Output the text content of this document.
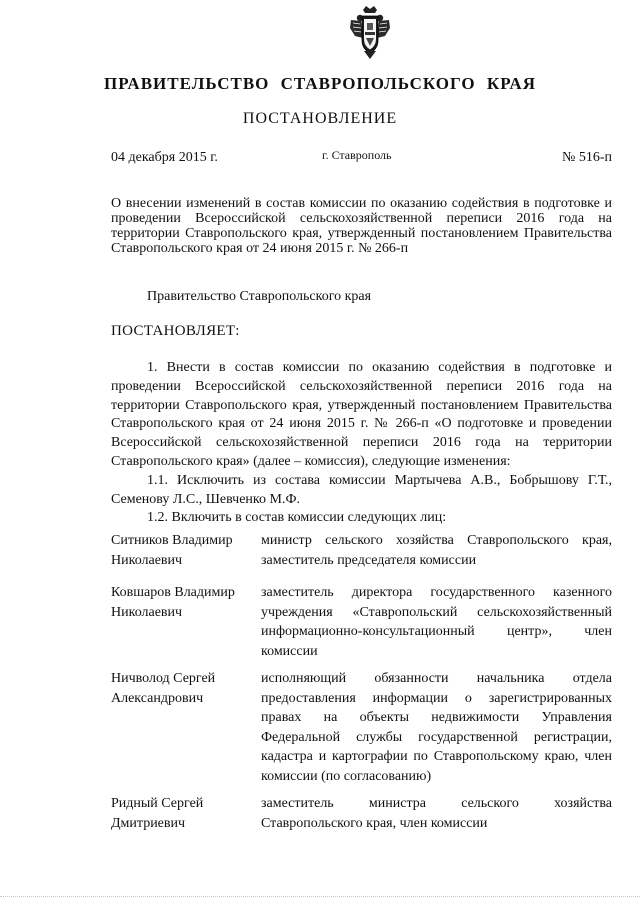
ПРАВИТЕЛЬСТВО СТАВРОПОЛЬСКОГО КРАЯ
ПОСТАНОВЛЕНИЕ
04 декабря 2015 г.	г. Ставрополь	№ 516-п
О внесении изменений в состав комиссии по оказанию содействия в подготовке и проведении Всероссийской сельскохозяйственной переписи 2016 года на территории Ставропольского края, утвержденный постановлением Правительства Ставропольского края от 24 июня 2015 г. № 266-п
Правительство Ставропольского края
ПОСТАНОВЛЯЕТ:

1. Внести в состав комиссии по оказанию содействия в подготовке и проведении Всероссийской сельскохозяйственной переписи 2016 года на территории Ставропольского края, утвержденный постановлением Правительства Ставропольского края от 24 июня 2015 г. № 266-п «О подготовке и проведении Всероссийской сельскохозяйственной переписи 2016 года на территории Ставропольского края» (далее – комиссия), следующие изменения:

1.1. Исключить из состава комиссии Мартычева А.В., Бобрышову Г.Т., Семенову Л.С., Шевченко М.Ф.

1.2. Включить в состав комиссии следующих лиц:

Ситников Владимир
Николаевич
министр сельского хозяйства Ставропольского края, заместитель председателя комиссии
Ковшаров Владимир
Николаевич
заместитель директора государственного казенного учреждения «Ставропольский сельскохозяйственный информационно-консультационный центр», член комиссии
Ничволод Сергей
Александрович
исполняющий обязанности начальника отдела предоставления информации о зарегистрированных правах на объекты недвижимости Управления Федеральной службы государственной регистрации, кадастра и картографии по Ставропольскому краю, член комиссии (по согласованию)
Ридный Сергей
Дмитриевич
заместитель министра сельского хозяйства Ставропольского края, член комиссии
